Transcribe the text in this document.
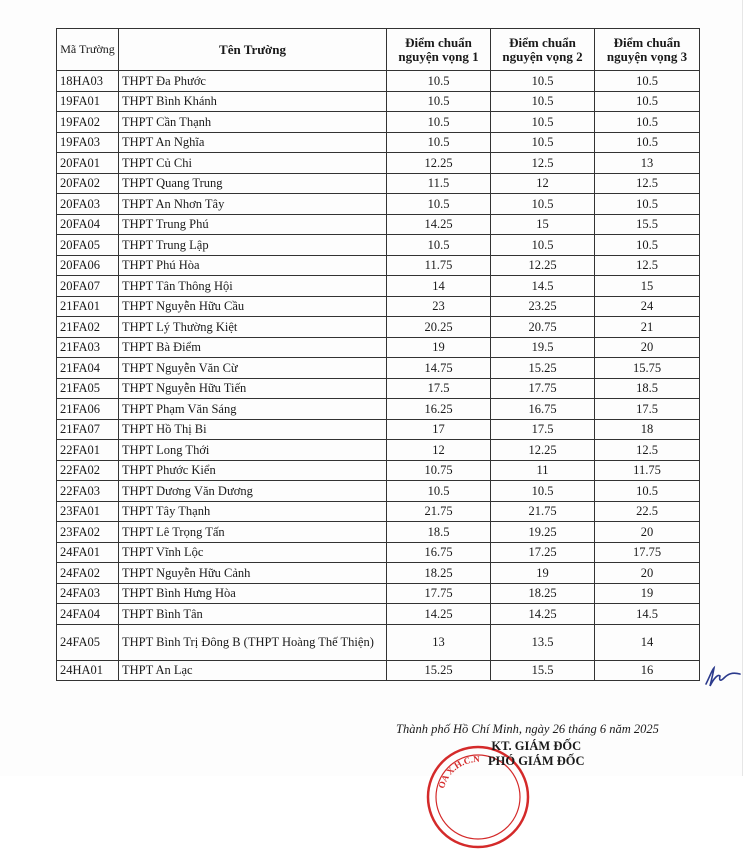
Mã Trường	Tên Trường	Điểm chuẩn nguyện vọng 1	Điểm chuẩn nguyện vọng 2	Điểm chuẩn nguyện vọng 3
18HA03	THPT Đa Phước	10.5	10.5	10.5
19FA01	THPT Bình Khánh	10.5	10.5	10.5
19FA02	THPT Cần Thạnh	10.5	10.5	10.5
19FA03	THPT An Nghĩa	10.5	10.5	10.5
20FA01	THPT Củ Chi	12.25	12.5	13
20FA02	THPT Quang Trung	11.5	12	12.5
20FA03	THPT An Nhơn Tây	10.5	10.5	10.5
20FA04	THPT Trung Phú	14.25	15	15.5
20FA05	THPT Trung Lập	10.5	10.5	10.5
20FA06	THPT Phú Hòa	11.75	12.25	12.5
20FA07	THPT Tân Thông Hội	14	14.5	15
21FA01	THPT Nguyễn Hữu Cầu	23	23.25	24
21FA02	THPT Lý Thường Kiệt	20.25	20.75	21
21FA03	THPT Bà Điểm	19	19.5	20
21FA04	THPT Nguyễn Văn Cừ	14.75	15.25	15.75
21FA05	THPT Nguyễn Hữu Tiến	17.5	17.75	18.5
21FA06	THPT Phạm Văn Sáng	16.25	16.75	17.5
21FA07	THPT Hồ Thị Bi	17	17.5	18
22FA01	THPT Long Thới	12	12.25	12.5
22FA02	THPT Phước Kiển	10.75	11	11.75
22FA03	THPT Dương Văn Dương	10.5	10.5	10.5
23FA01	THPT Tây Thạnh	21.75	21.75	22.5
23FA02	THPT Lê Trọng Tấn	18.5	19.25	20
24FA01	THPT Vĩnh Lộc	16.75	17.25	17.75
24FA02	THPT Nguyễn Hữu Cảnh	18.25	19	20
24FA03	THPT Bình Hưng Hòa	17.75	18.25	19
24FA04	THPT Bình Tân	14.25	14.25	14.5
24FA05	THPT Bình Trị Đông B (THPT Hoàng Thế Thiện)	13	13.5	14
24HA01	THPT An Lạc	15.25	15.5	16
Thành phố Hồ Chí Minh, ngày 26 tháng 6 năm 2025
OA X.H.C.N
KT. GIÁM ĐỐC
PHÓ GIÁM ĐỐC
